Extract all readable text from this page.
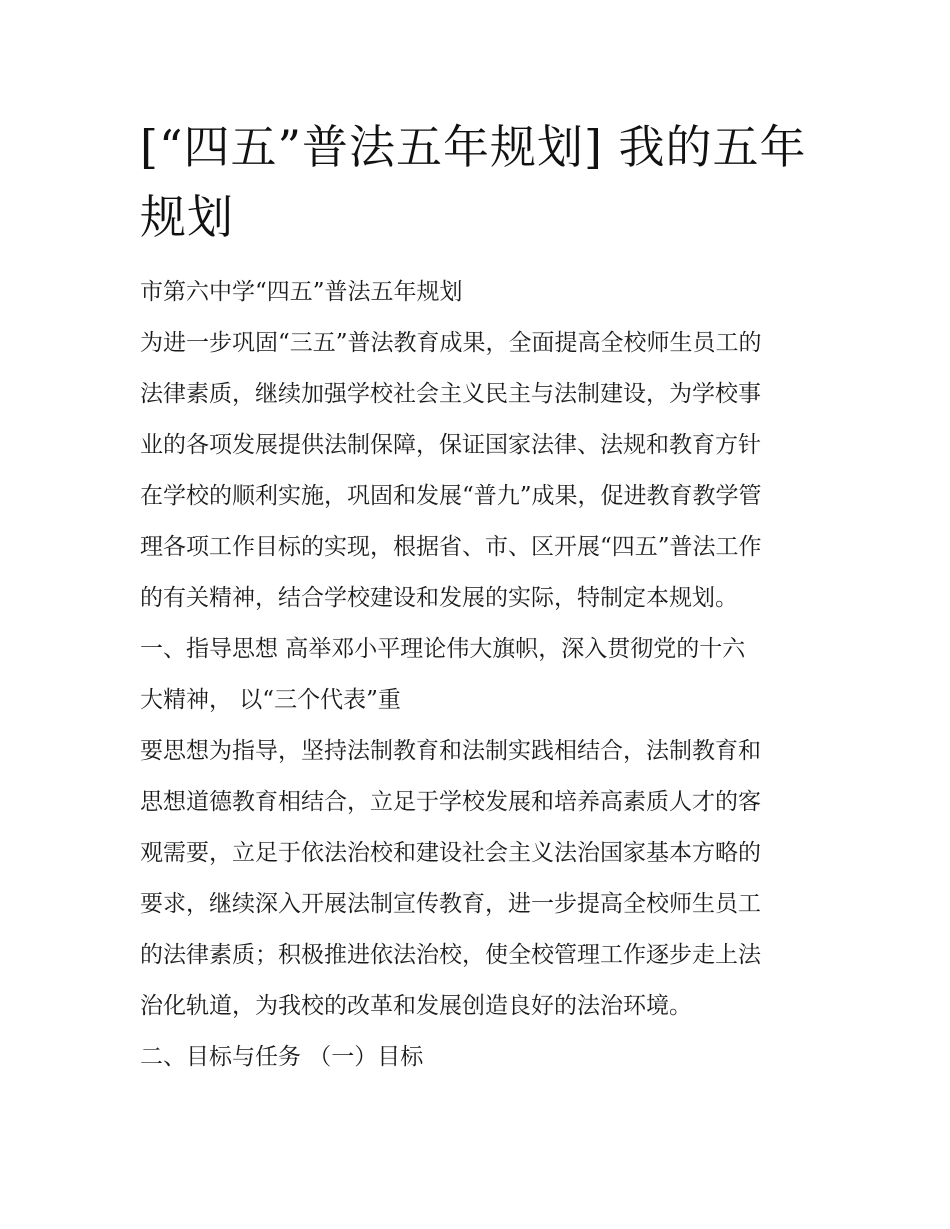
[“四五”普法五年规划] 我的五年规划
市第六中学“四五”普法五年规划
为进一步巩固“三五”普法教育成果，全面提高全校师生员工的
法律素质，继续加强学校社会主义民主与法制建设，为学校事
业的各项发展提供法制保障，保证国家法律、法规和教育方针
在学校的顺利实施，巩固和发展“普九”成果，促进教育教学管
理各项工作目标的实现，根据省、市、区开展“四五”普法工作
的有关精神，结合学校建设和发展的实际，特制定本规划。
一、指导思想 高举邓小平理论伟大旗帜，深入贯彻党的十六
大精神， 以“三个代表”重
要思想为指导，坚持法制教育和法制实践相结合，法制教育和
思想道德教育相结合，立足于学校发展和培养高素质人才的客
观需要，立足于依法治校和建设社会主义法治国家基本方略的
要求，继续深入开展法制宣传教育，进一步提高全校师生员工
的法律素质；积极推进依法治校，使全校管理工作逐步走上法
治化轨道，为我校的改革和发展创造良好的法治环境。
二、目标与任务 （一）目标
